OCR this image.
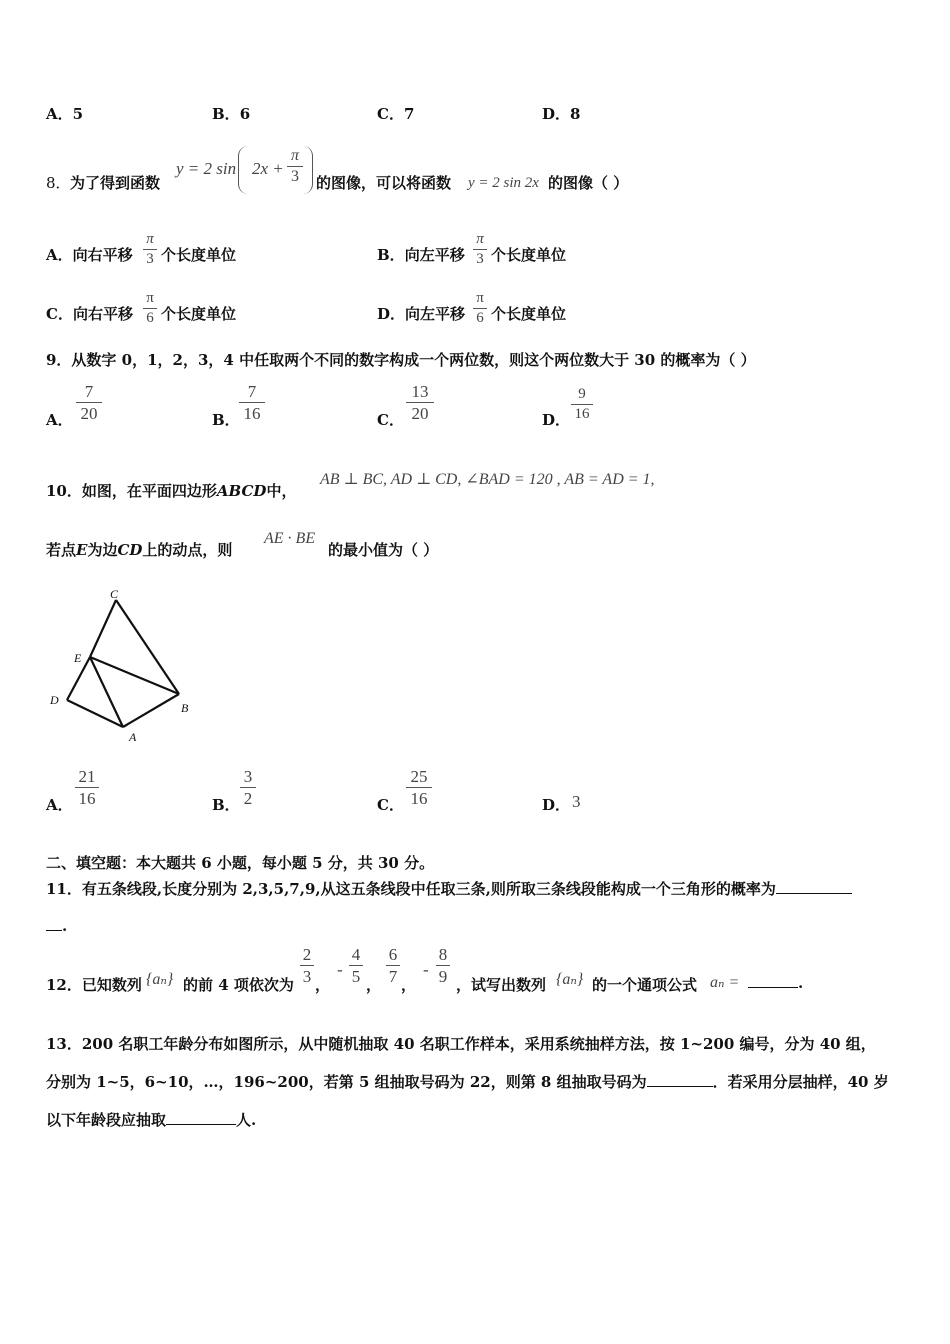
A．5	B．6	C．7	D．8
8． 为了得到函数
y = 2 sin 2x +
π
3 的图像，可以将函数 y = 2 sin 2x 的图像（ ）
A．向右平移
π
3 个长度单位	B．向左平移
π
3 个长度单位
C．向右平移
π
6 个长度单位	D．向左平移
π
6 个长度单位
9．从数字 0，1，2，3，4 中任取两个不同的数字构成一个两位数，则这个两位数大于 30 的概率为（ ）
A．
7
20	B．
7
16	C．
13
20	D．
9
16
10．如图，在平面四边形ABCD中，
AB ⊥ BC, AD ⊥ CD, ∠BAD = 120 , AB = AD = 1,
若点E为边CD上的动点，则
AE · BE
的最小值为（ ）
C
E
D
B
A
A．
21
16	B．
3
2	C．
25
16	D． 3
二、填空题：本大题共 6 小题，每小题 5 分，共 30 分。
11．有五条线段,长度分别为 2,3,5,7,9,从这五条线段中任取三条,则所取三条线段能构成一个三角形的概率为
.
12．已知数列 {aₙ} 的前 4 项依次为
2
3 ，
-
4
5 ，
6
7 ，
-
8
9 ，试写出数列 {aₙ} 的一个通项公式 aₙ =	.
13．200 名职工年龄分布如图所示，从中随机抽取 40 名职工作样本，采用系统抽样方法，按 1~200 编号，分为 40 组，
分别为 1~5，6~10，…，196~200，若第 5 组抽取号码为 22，则第 8 组抽取号码为	．若采用分层抽样，40 岁
以下年龄段应抽取	人.
